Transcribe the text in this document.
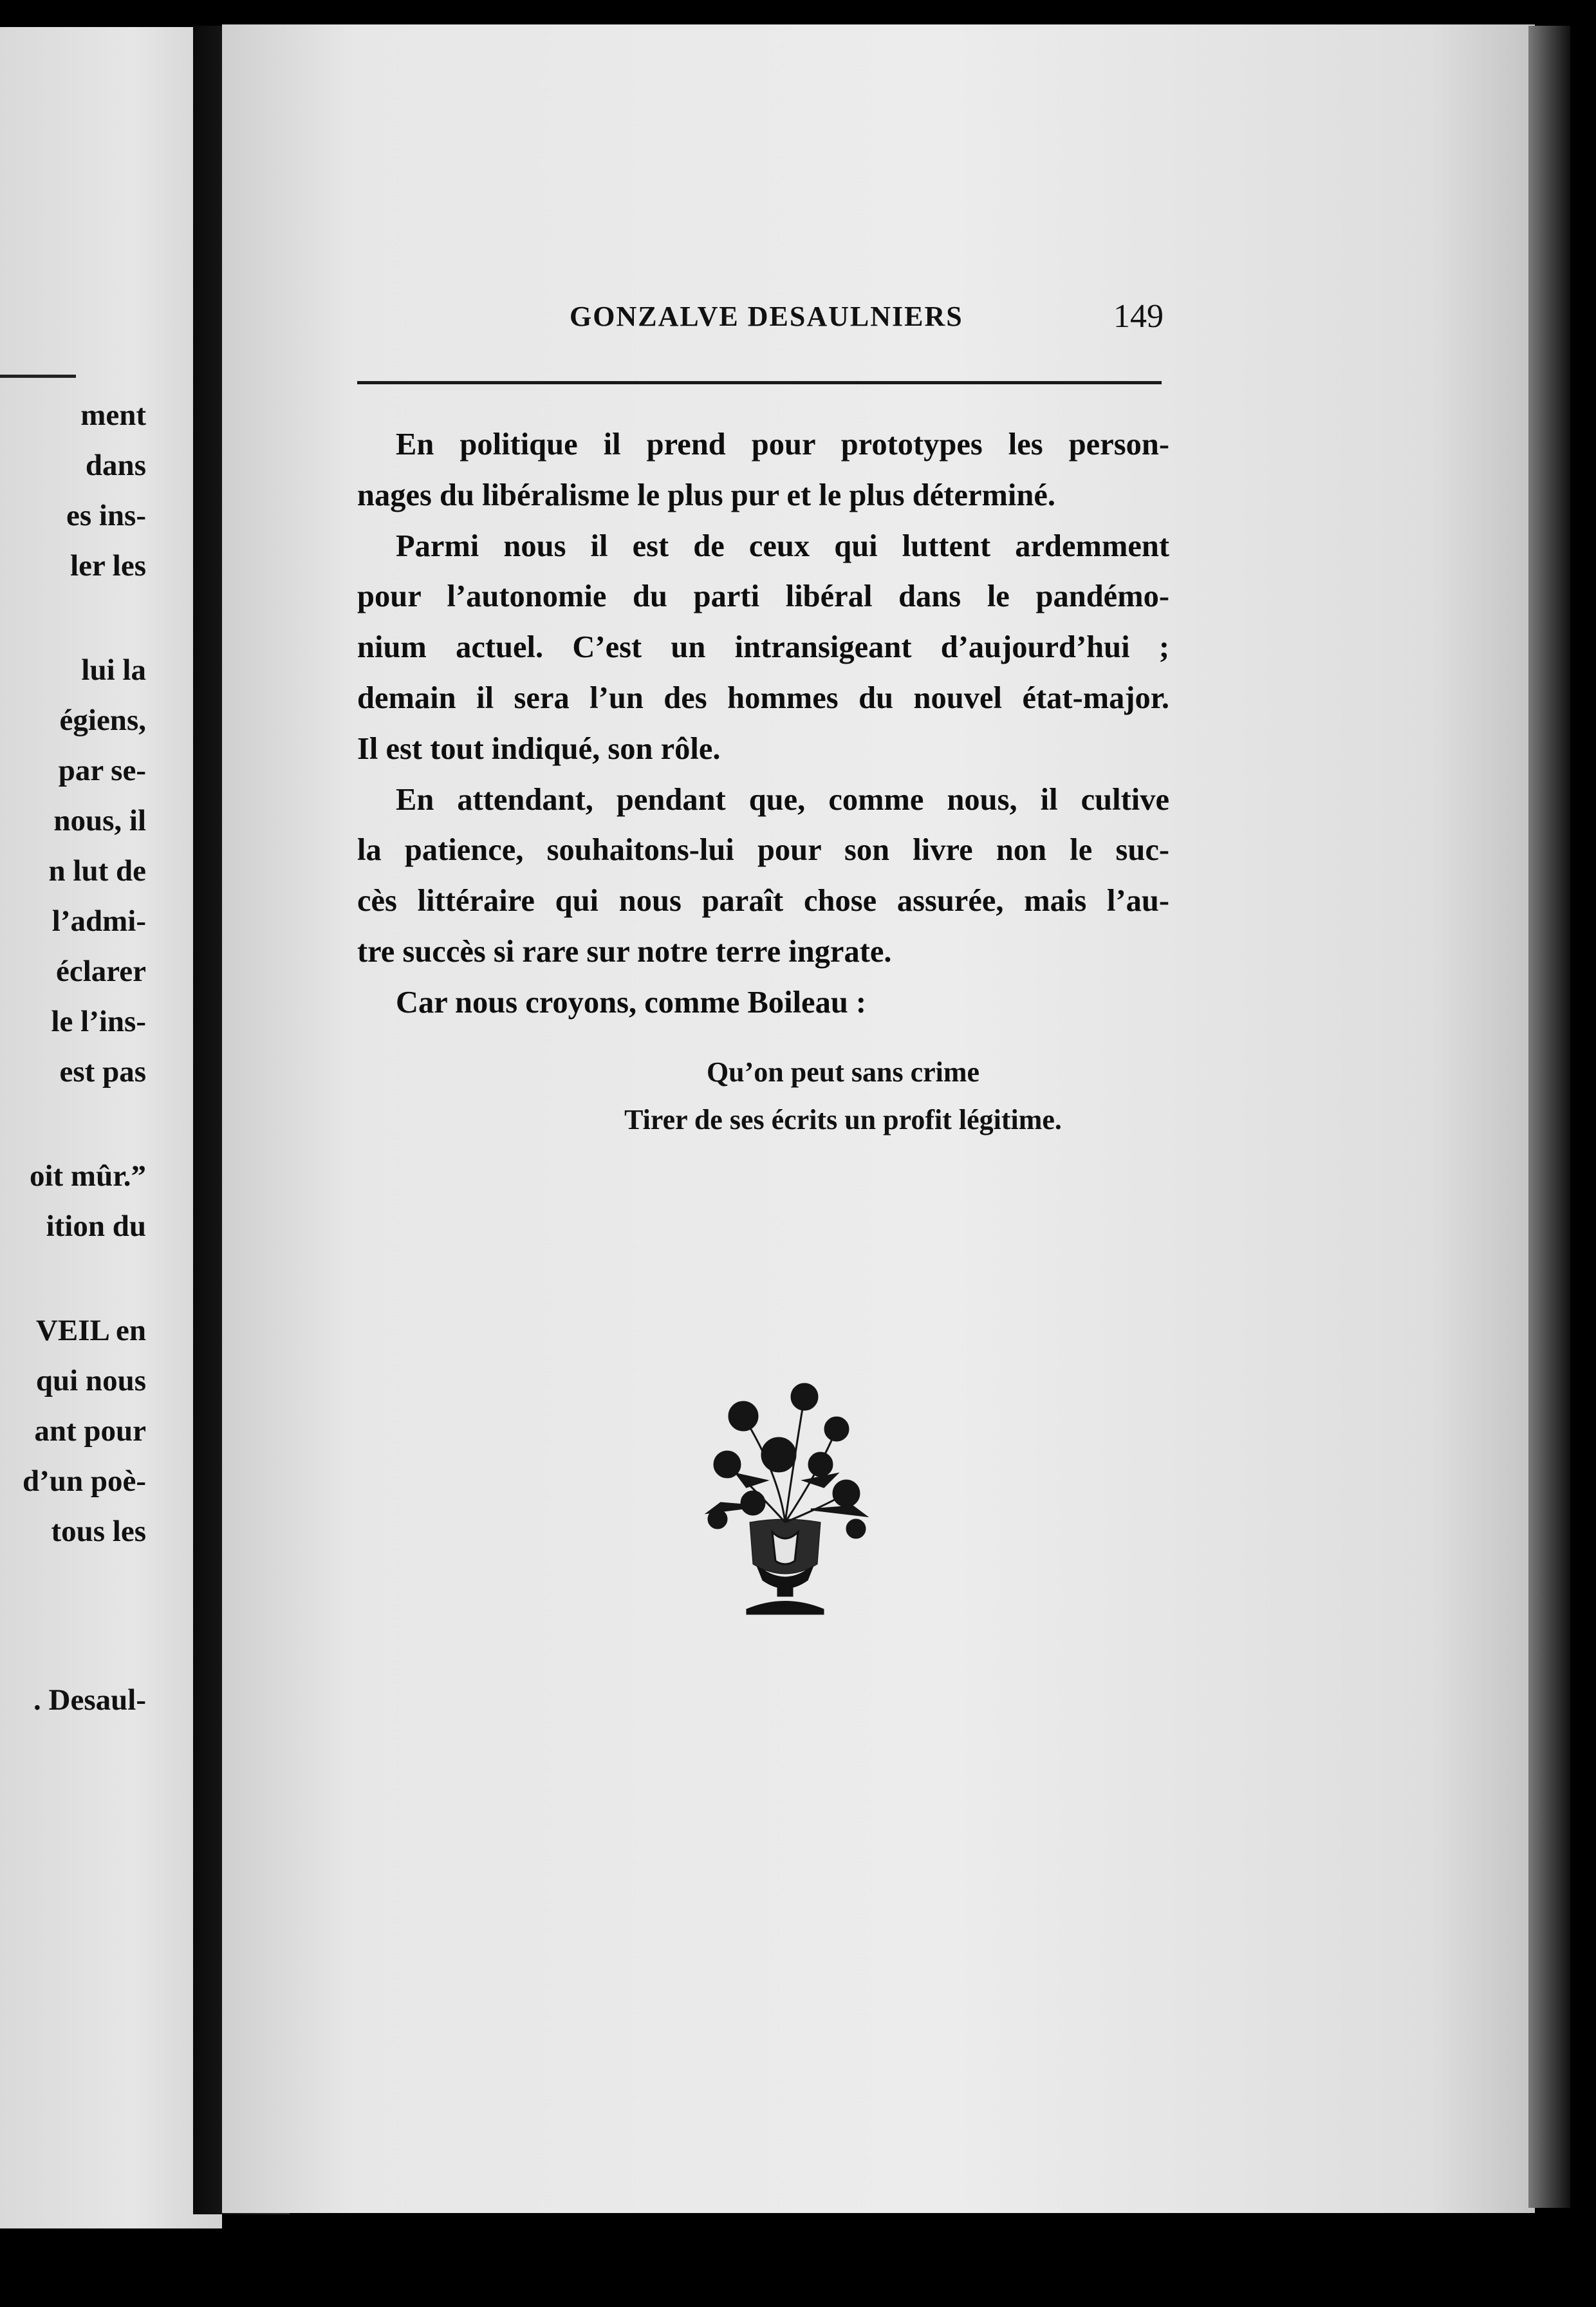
ment
dans
es ins-
ler les
lui la
égiens,
par se-
nous, il
n lut de
l’admi-
éclarer
le l’ins-
est pas
oit mûr.”
ition du
VEIL en
qui nous
ant pour
d’un poè-
tous les
. Desaul-
GONZALVE DESAULNIERS	149
En politique il prend pour prototypes les person-
nages du libéralisme le plus pur et le plus déterminé.
Parmi nous il est de ceux qui luttent ardemment
pour l’autonomie du parti libéral dans le pandémo-
nium actuel. C’est un intransigeant d’aujourd’hui ;
demain il sera l’un des hommes du nouvel état-major.
Il est tout indiqué, son rôle.
En attendant, pendant que, comme nous, il cultive
la patience, souhaitons-lui pour son livre non le suc-
cès littéraire qui nous paraît chose assurée, mais l’au-
tre succès si rare sur notre terre ingrate.
Car nous croyons, comme Boileau :
Qu’on peut sans crime
Tirer de ses écrits un profit légitime.
